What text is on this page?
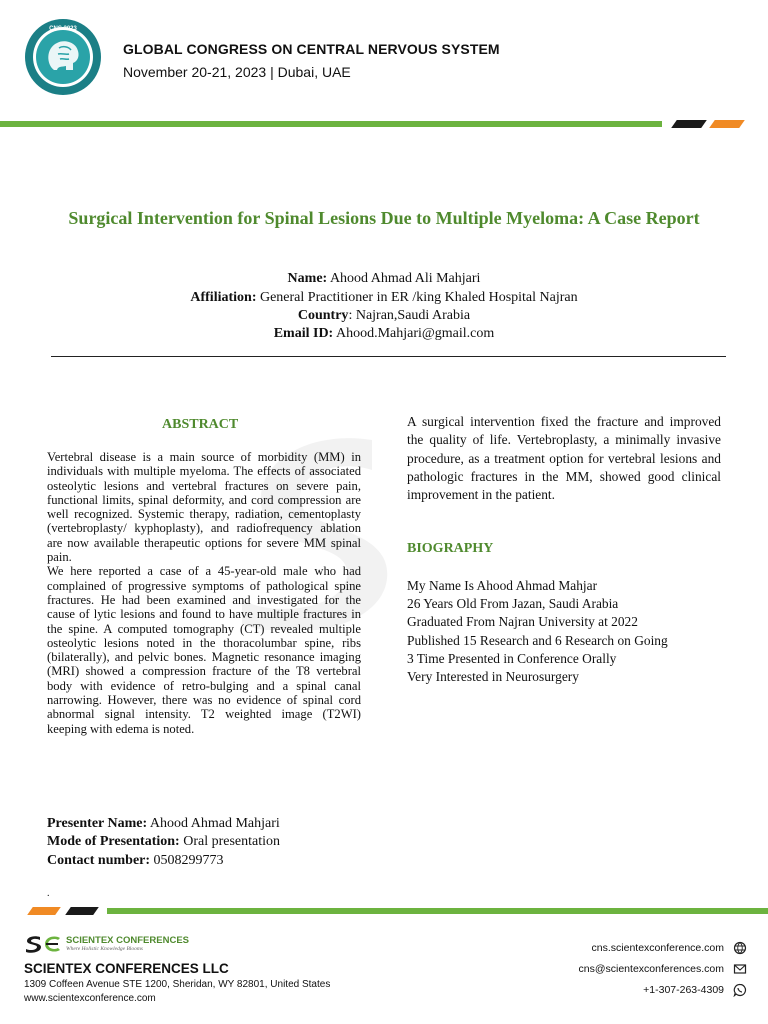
CNS 2023
GLOBAL CONGRESS ON CENTRAL NERVOUS SYSTEM
November 20-21, 2023 | Dubai, UAE
Surgical Intervention for Spinal Lesions Due to Multiple Myeloma: A Case Report
Name: Ahood Ahmad Ali Mahjari
Affiliation: General Practitioner in ER /king Khaled Hospital Najran
Country: Najran,Saudi Arabia
Email ID: Ahood.Mahjari@gmail.com
ABSTRACT

Vertebral disease is a main source of morbidity (MM) in individuals with multiple myeloma. The effects of associated osteolytic lesions and vertebral fractures on severe pain, functional limits, spinal deformity, and cord compression are well recognized. Systemic therapy, radiation, cementoplasty (vertebroplasty/ kyphoplasty), and radiofrequency ablation are now available therapeutic options for severe MM spinal pain.

We here reported a case of a 45-year-old male who had complained of progressive symptoms of pathological spine fractures. He had been examined and investigated for the cause of lytic lesions and found to have multiple fractures in the spine. A computed tomography (CT) revealed multiple osteolytic lesions noted in the thoracolumbar spine, ribs (bilaterally), and pelvic bones. Magnetic resonance imaging (MRI) showed a compression fracture of the T8 vertebral body with evidence of retro-bulging and a spinal canal narrowing. However, there was no evidence of spinal cord abnormal signal intensity. T2 weighted image (T2WI) keeping with edema is noted.

A surgical intervention fixed the fracture and improved the quality of life. Vertebroplasty, a minimally invasive procedure, as a treatment option for vertebral lesions and pathologic fractures in the MM, showed good clinical improvement in the patient.
BIOGRAPHY
My Name Is Ahood Ahmad Mahjar
26 Years Old From Jazan, Saudi Arabia
Graduated From Najran University at 2022
Published 15 Research and 6 Research on Going
3 Time Presented in Conference Orally
Very Interested in Neurosurgery
Presenter Name: Ahood Ahmad Mahjari
Mode of Presentation: Oral presentation
Contact number: 0508299773
.
SCIENTEX CONFERENCES
Where Holistic Knowledge Blooms
SCIENTEX CONFERENCES LLC
1309 Coffeen Avenue STE 1200, Sheridan, WY 82801, United States
www.scientexconference.com
cns.scientexconference.com
cns@scientexconferences.com
+1-307-263-4309
